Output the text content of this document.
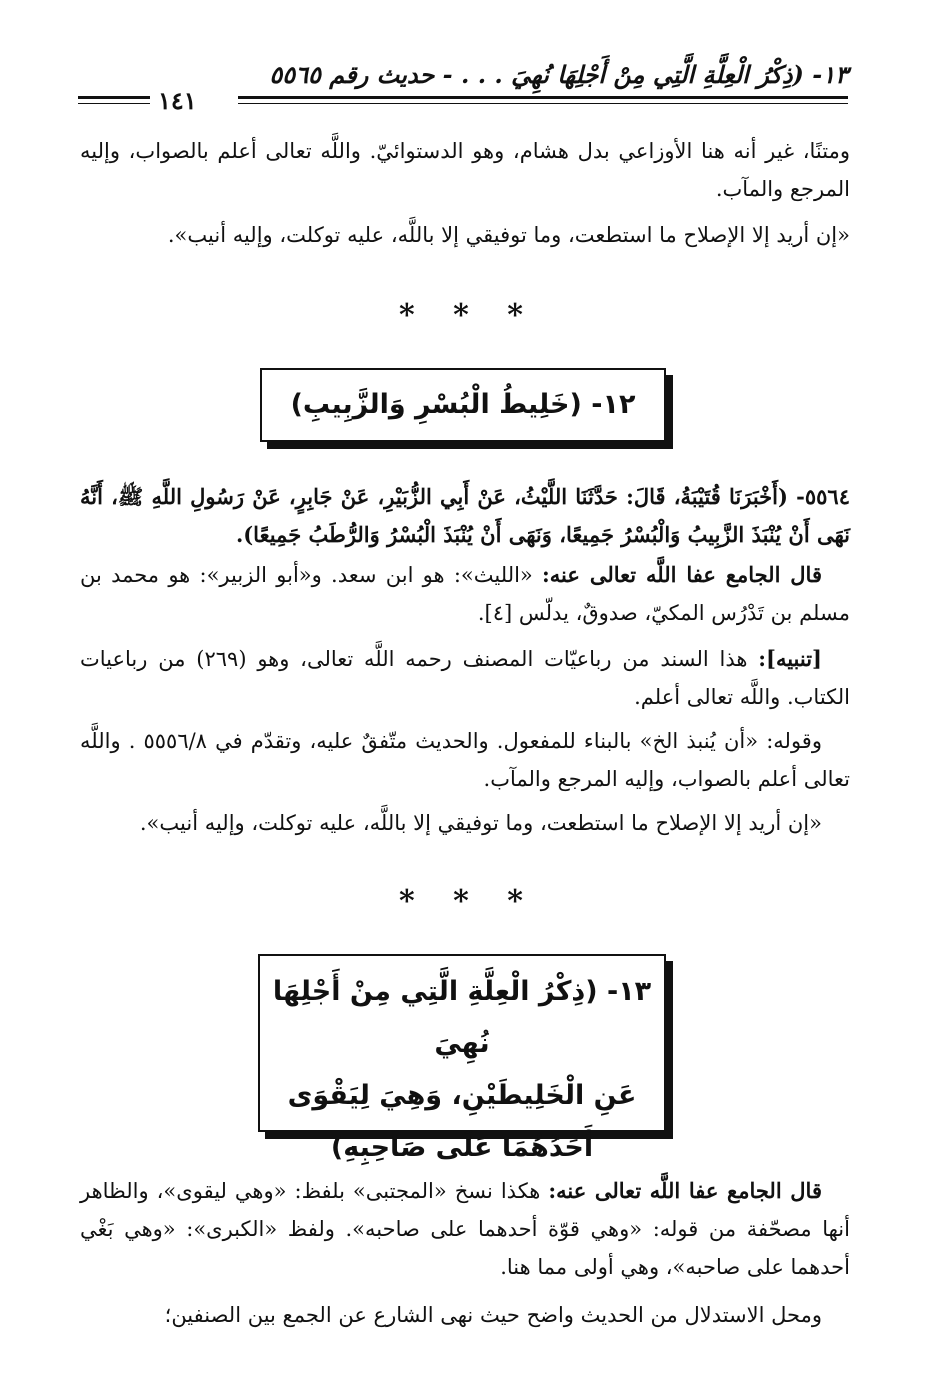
١٣- (ذِكْرُ الْعِلَّةِ الَّتِي مِنْ أَجْلِهَا نُهِيَ . . . - حديث رقم ٥٥٦٥
١٤١

ومتنًا، غير أنه هنا الأوزاعي بدل هشام، وهو الدستوائيّ. واللَّه تعالى أعلم بالصواب، وإليه المرجع والمآب.

«إن أريد إلا الإصلاح ما استطعت، وما توفيقي إلا باللَّه، عليه توكلت، وإليه أنيب».

* * *
١٢- (خَلِيطُ الْبُسْرِ وَالزَّبِيبِ)

٥٥٦٤- (أَخْبَرَنَا قُتَيْبَةُ، قَالَ: حَدَّثَنَا اللَّيْثُ، عَنْ أَبِي الزُّبَيْرِ، عَنْ جَابِرٍ، عَنْ رَسُولِ اللَّهِ ﷺ، أَنَّهُ نَهَى أَنْ يُنْبَذَ الزَّبِيبُ وَالْبُسْرُ جَمِيعًا، وَنَهَى أَنْ يُنْبَذَ الْبُسْرُ وَالرُّطَبُ جَمِيعًا).

قال الجامع عفا اللَّه تعالى عنه: «الليث»: هو ابن سعد. و«أبو الزبير»: هو محمد بن مسلم بن تَدْرُس المكيّ، صدوقٌ، يدلّس [٤].

[تنبيه]: هذا السند من رباعيّات المصنف رحمه اللَّه تعالى، وهو (٢٦٩) من رباعيات الكتاب. واللَّه تعالى أعلم.

وقوله: «أن يُنبذ الخ» بالبناء للمفعول. والحديث متّفقٌ عليه، وتقدّم في ٥٥٥٦/٨ . واللَّه تعالى أعلم بالصواب، وإليه المرجع والمآب.

«إن أريد إلا الإصلاح ما استطعت، وما توفيقي إلا باللَّه، عليه توكلت، وإليه أنيب».

* * *
١٣- (ذِكْرُ الْعِلَّةِ الَّتِي مِنْ أَجْلِهَا نُهِيَ
عَنِ الْخَلِيطَيْنِ، وَهِيَ لِيَقْوَى
أَحَدُهُمَا عَلَى صَاحِبِهِ)

قال الجامع عفا اللَّه تعالى عنه: هكذا نسخ «المجتبى» بلفظ: «وهي ليقوى»، والظاهر أنها مصحّفة من قوله: «وهي قوّة أحدهما على صاحبه». ولفظ «الكبرى»: «وهي بَغْي أحدهما على صاحبه»، وهي أولى مما هنا.

ومحل الاستدلال من الحديث واضح حيث نهى الشارع عن الجمع بين الصنفين؛
